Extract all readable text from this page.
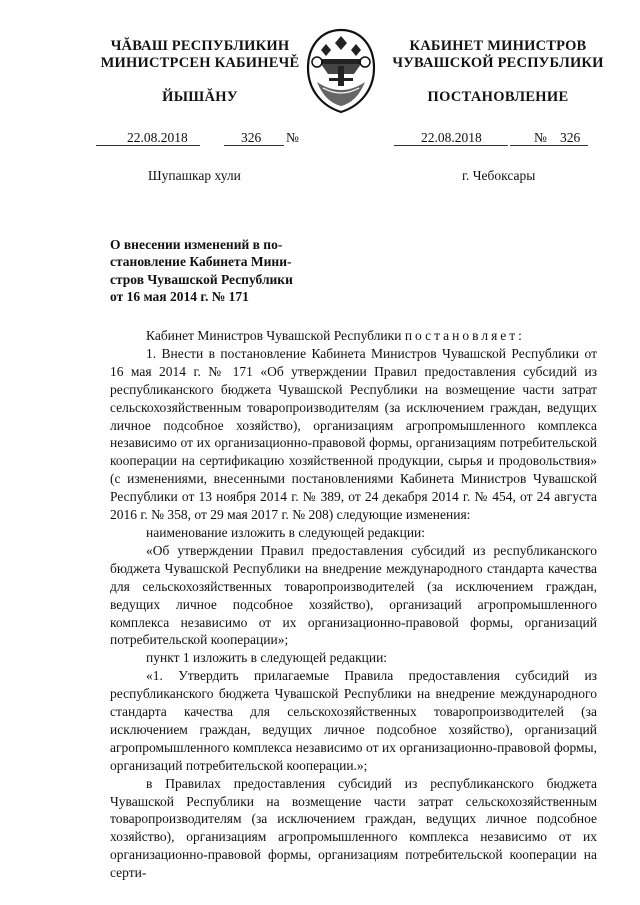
ЧĂВАШ РЕСПУБЛИКИН
МИНИСТРСЕН КАБИНЕЧĚ
ЙЫШĂНУ
КАБИНЕТ МИНИСТРОВ
ЧУВАШСКОЙ РЕСПУБЛИКИ
ПОСТАНОВЛЕНИЕ
22.08.2018	326 №	22.08.2018	№ 326
Шупашкар хули	г. Чебоксары
О внесении изменений в по-
становление Кабинета Мини-
стров Чувашской Республики
от 16 мая 2014 г. № 171

Кабинет Министров Чувашской Республики постановляет:

1. Внести в постановление Кабинета Министров Чувашской Республики от 16 мая 2014 г. № 171 «Об утверждении Правил предоставления субсидий из республиканского бюджета Чувашской Республики на возмещение части затрат сельскохозяйственным товаропроизводителям (за исключением граждан, ведущих личное подсобное хозяйство), организациям агропромышленного комплекса независимо от их организационно-правовой формы, организациям потребительской кооперации на сертификацию хозяйственной продукции, сырья и продовольствия» (с изменениями, внесенными постановлениями Кабинета Министров Чувашской Республики от 13 ноября 2014 г. № 389, от 24 декабря 2014 г. № 454, от 24 августа 2016 г. № 358, от 29 мая 2017 г. № 208) следующие изменения:

наименование изложить в следующей редакции:

«Об утверждении Правил предоставления субсидий из республиканского бюджета Чувашской Республики на внедрение международного стандарта качества для сельскохозяйственных товаропроизводителей (за исключением граждан, ведущих личное подсобное хозяйство), организаций агропромышленного комплекса независимо от их организационно-правовой формы, организаций потребительской кооперации»;

пункт 1 изложить в следующей редакции:

«1. Утвердить прилагаемые Правила предоставления субсидий из республиканского бюджета Чувашской Республики на внедрение международного стандарта качества для сельскохозяйственных товаропроизводителей (за исключением граждан, ведущих личное подсобное хозяйство), организаций агропромышленного комплекса независимо от их организационно-правовой формы, организаций потребительской кооперации.»;

в Правилах предоставления субсидий из республиканского бюджета Чувашской Республики на возмещение части затрат сельскохозяйственным товаропроизводителям (за исключением граждан, ведущих личное подсобное хозяйство), организациям агропромышленного комплекса независимо от их организационно-правовой формы, организациям потребительской кооперации на серти-
